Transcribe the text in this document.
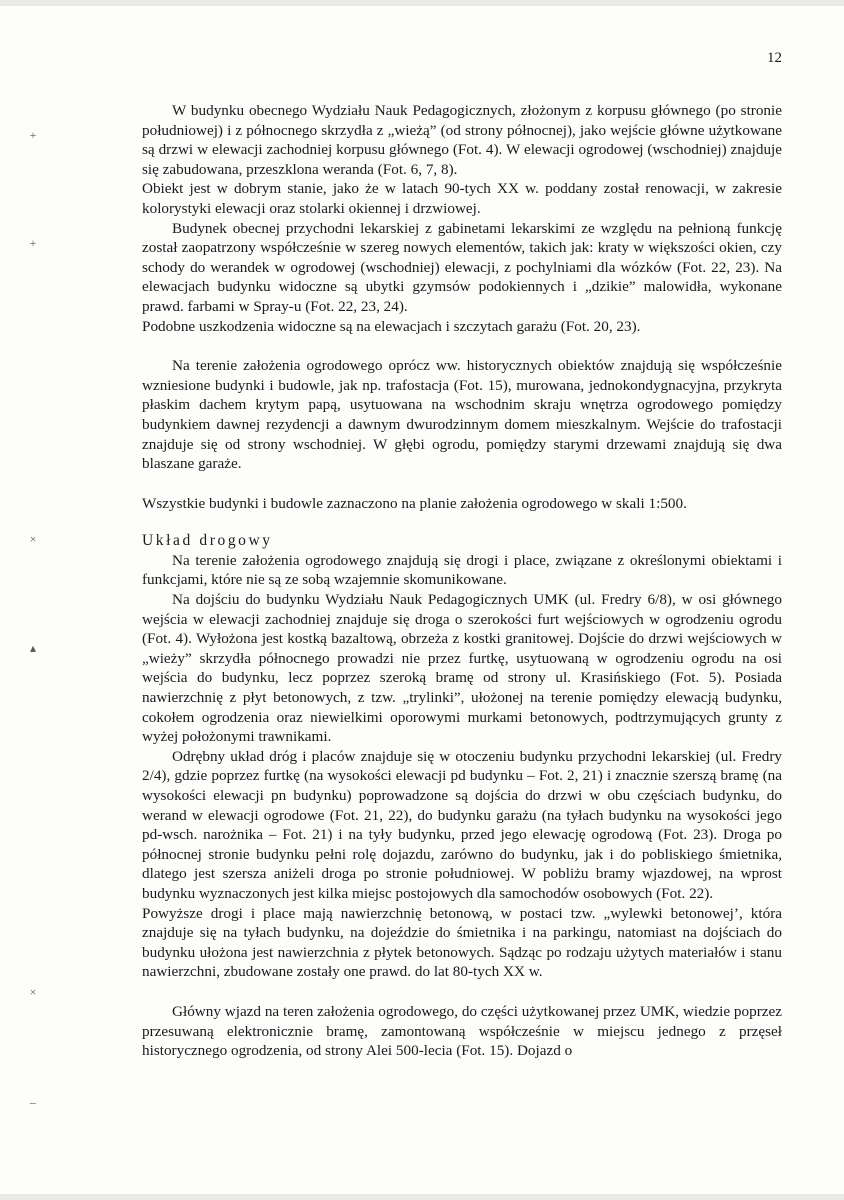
12
+
+
×
▴
×
–

W budynku obecnego Wydziału Nauk Pedagogicznych, złożonym z korpusu głównego (po stronie południowej) i z północnego skrzydła z „wieżą” (od strony północnej), jako wejście główne użytkowane są drzwi w elewacji zachodniej korpusu głównego (Fot. 4). W elewacji ogrodowej (wschodniej) znajduje się zabudowana, przeszklona weranda (Fot. 6, 7, 8).

Obiekt jest w dobrym stanie, jako że w latach 90-tych XX w. poddany został renowacji, w zakresie kolorystyki elewacji oraz stolarki okiennej i drzwiowej.

Budynek obecnej przychodni lekarskiej z gabinetami lekarskimi ze względu na pełnioną funkcję został zaopatrzony współcześnie w szereg nowych elementów, takich jak: kraty w większości okien, czy schody do werandek w ogrodowej (wschodniej) elewacji, z pochylniami dla wózków (Fot. 22, 23). Na elewacjach budynku widoczne są ubytki gzymsów podokiennych i „dzikie” malowidła, wykonane prawd. farbami w Spray-u (Fot. 22, 23, 24).

Podobne uszkodzenia widoczne są na elewacjach i szczytach garażu (Fot. 20, 23).

Na terenie założenia ogrodowego oprócz ww. historycznych obiektów znajdują się współcześnie wzniesione budynki i budowle, jak np. trafostacja (Fot. 15), murowana, jednokondygnacyjna, przykryta płaskim dachem krytym papą, usytuowana na wschodnim skraju wnętrza ogrodowego pomiędzy budynkiem dawnej rezydencji a dawnym dwurodzinnym domem mieszkalnym. Wejście do trafostacji znajduje się od strony wschodniej. W głębi ogrodu, pomiędzy starymi drzewami znajdują się dwa blaszane garaże.

Wszystkie budynki i budowle zaznaczono na planie założenia ogrodowego w skali 1:500.

Układ drogowy

Na terenie założenia ogrodowego znajdują się drogi i place, związane z określonymi obiektami i funkcjami, które nie są ze sobą wzajemnie skomunikowane.

Na dojściu do budynku Wydziału Nauk Pedagogicznych UMK (ul. Fredry 6/8), w osi głównego wejścia w elewacji zachodniej znajduje się droga o szerokości furt wejściowych w ogrodzeniu ogrodu (Fot. 4). Wyłożona jest kostką bazaltową, obrzeża z kostki granitowej. Dojście do drzwi wejściowych w „wieży” skrzydła północnego prowadzi nie przez furtkę, usytuowaną w ogrodzeniu ogrodu na osi wejścia do budynku, lecz poprzez szeroką bramę od strony ul. Krasińskiego (Fot. 5). Posiada nawierzchnię z płyt betonowych, z tzw. „trylinki”, ułożonej na terenie pomiędzy elewacją budynku, cokołem ogrodzenia oraz niewielkimi oporowymi murkami betonowych, podtrzymujących grunty z wyżej położonymi trawnikami.

Odrębny układ dróg i placów znajduje się w otoczeniu budynku przychodni lekarskiej (ul. Fredry 2/4), gdzie poprzez furtkę (na wysokości elewacji pd budynku – Fot. 2, 21) i znacznie szerszą bramę (na wysokości elewacji pn budynku) poprowadzone są dojścia do drzwi w obu częściach budynku, do werand w elewacji ogrodowe (Fot. 21, 22), do budynku garażu (na tyłach budynku na wysokości jego pd-wsch. narożnika – Fot. 21) i na tyły budynku, przed jego elewację ogrodową (Fot. 23). Droga po północnej stronie budynku pełni rolę dojazdu, zarówno do budynku, jak i do pobliskiego śmietnika, dlatego jest szersza aniżeli droga po stronie południowej. W pobliżu bramy wjazdowej, na wprost budynku wyznaczonych jest kilka miejsc postojowych dla samochodów osobowych (Fot. 22).

Powyższe drogi i place mają nawierzchnię betonową, w postaci tzw. „wylewki betonowej’, która znajduje się na tyłach budynku, na dojeździe do śmietnika i na parkingu, natomiast na dojściach do budynku ułożona jest nawierzchnia z płytek betonowych. Sądząc po rodzaju użytych materiałów i stanu nawierzchni, zbudowane zostały one prawd. do lat 80-tych XX w.

Główny wjazd na teren założenia ogrodowego, do części użytkowanej przez UMK, wiedzie poprzez przesuwaną elektronicznie bramę, zamontowaną współcześnie w miejscu jednego z przęseł historycznego ogrodzenia, od strony Alei 500-lecia (Fot. 15). Dojazd o
